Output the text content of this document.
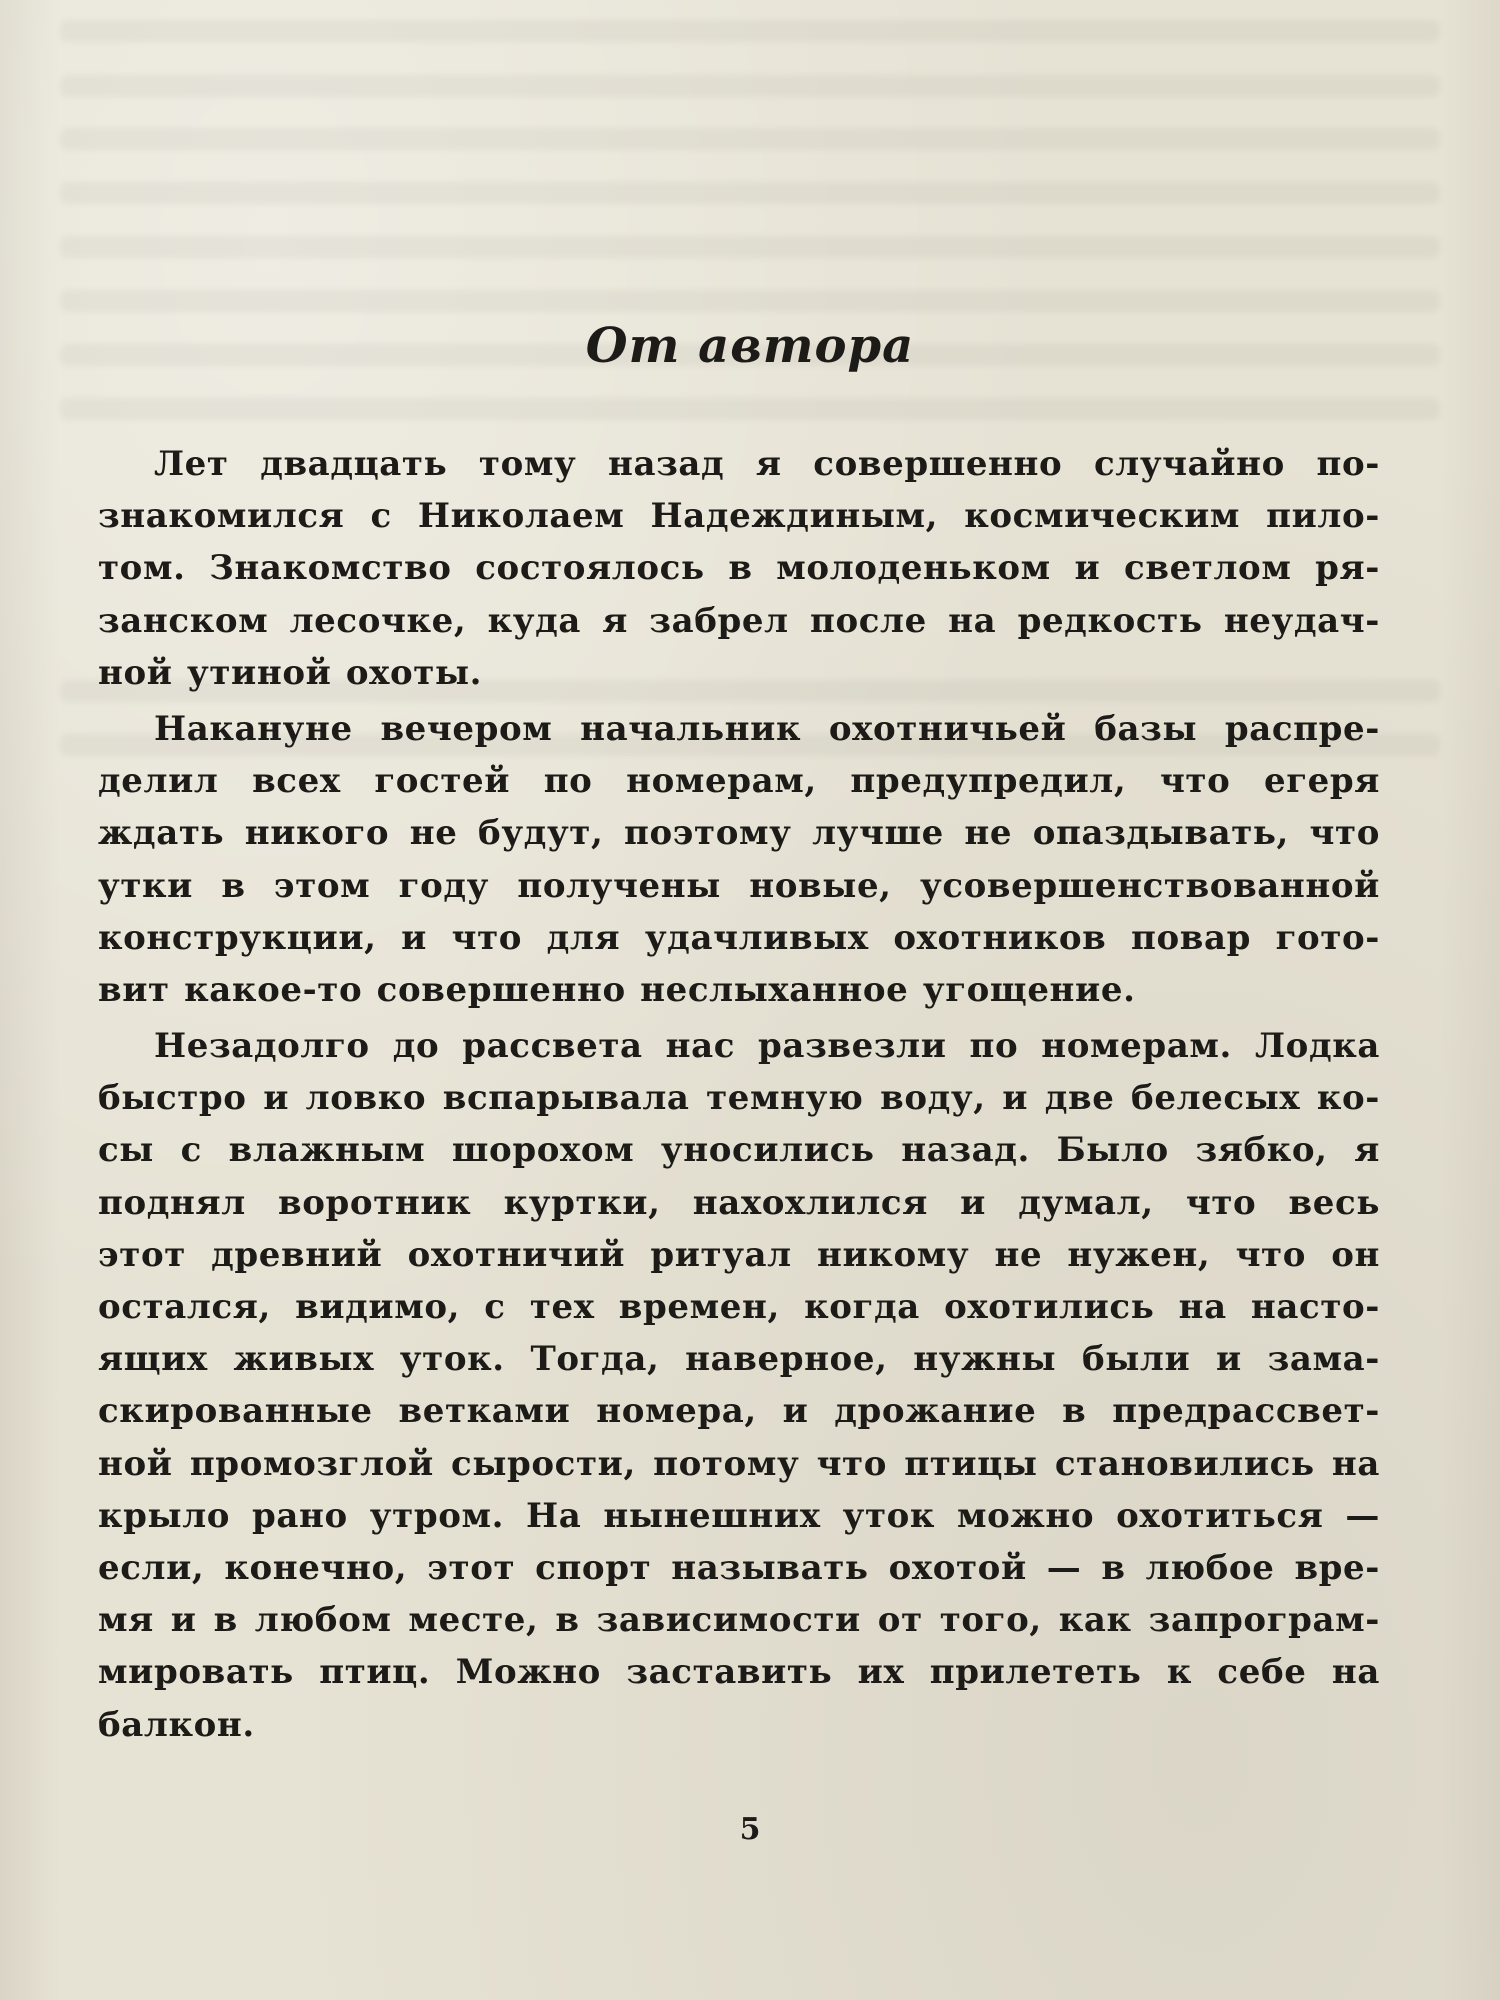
От автора

Лет двадцать тому назад я совершенно случайно по-
знакомился с Николаем Надеждиным, космическим пило-
том. Знакомство состоялось в молоденьком и светлом ря-
занском лесочке, куда я забрел после на редкость неудач-
ной утиной охоты.

Накануне вечером начальник охотничьей базы распре-
делил всех гостей по номерам, предупредил, что егеря
ждать никого не будут, поэтому лучше не опаздывать, что
утки в этом году получены новые, усовершенствованной
конструкции, и что для удачливых охотников повар гото-
вит какое-то совершенно неслыханное угощение.

Незадолго до рассвета нас развезли по номерам. Лодка
быстро и ловко вспарывала темную воду, и две белесых ко-
сы с влажным шорохом уносились назад. Было зябко, я
поднял воротник куртки, нахохлился и думал, что весь
этот древний охотничий ритуал никому не нужен, что он
остался, видимо, с тех времен, когда охотились на насто-
ящих живых уток. Тогда, наверное, нужны были и зама-
скированные ветками номера, и дрожание в предрассвет-
ной промозглой сырости, потому что птицы становились на
крыло рано утром. На нынешних уток можно охотиться —
если, конечно, этот спорт называть охотой — в любое вре-
мя и в любом месте, в зависимости от того, как запрограм-
мировать птиц. Можно заставить их прилететь к себе на
балкон.

5
